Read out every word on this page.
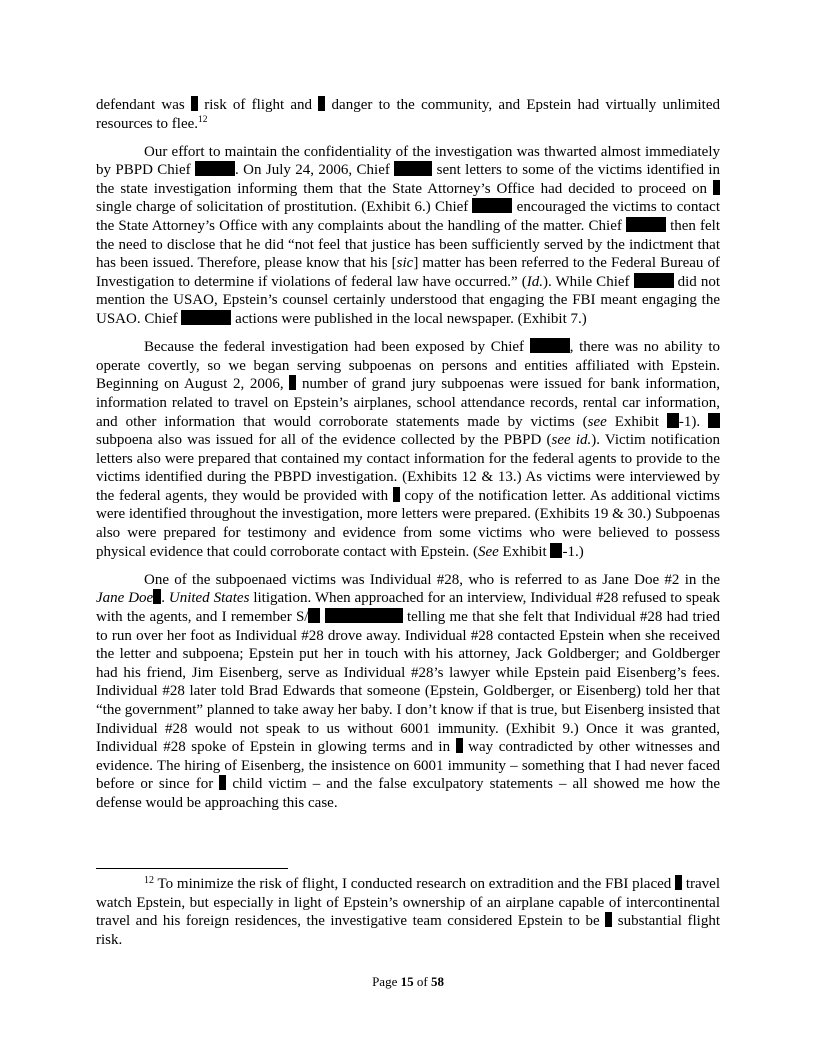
defendant was  risk of flight and  danger to the community, and Epstein had virtually unlimited resources to flee.$^{12}$

Our effort to maintain the confidentiality of the investigation was thwarted almost immediately by PBPD Chief	. On July 24, 2006, Chief	sent letters to some of the victims identified in the state investigation informing them that the State Attorney’s Office had decided to proceed on  single charge of solicitation of prostitution. (Exhibit 6.) Chief	encouraged the victims to contact the State Attorney’s Office with any complaints about the handling of the matter. Chief	then felt the need to disclose that he did “not feel that justice has been sufficiently served by the indictment that has been issued. Therefore, please know that his [sic] matter has been referred to the Federal Bureau of Investigation to determine if violations of federal law have occurred.” (Id.). While Chief	did not mention the USAO, Epstein’s counsel certainly understood that engaging the FBI meant engaging the USAO. Chief	actions were published in the local newspaper. (Exhibit 7.)

Because the federal investigation had been exposed by Chief	, there was no ability to operate covertly, so we began serving subpoenas on persons and entities affiliated with Epstein. Beginning on August 2, 2006,  number of grand jury subpoenas were issued for bank information, information related to travel on Epstein’s airplanes, school attendance records, rental car information, and other information that would corroborate statements made by victims (see Exhibit -1).  subpoena also was issued for all of the evidence collected by the PBPD (see id.). Victim notification letters also were prepared that contained my contact information for the federal agents to provide to the victims identified during the PBPD investigation. (Exhibits 12 & 13.) As victims were interviewed by the federal agents, they would be provided with  copy of the notification letter. As additional victims were identified throughout the investigation, more letters were prepared. (Exhibits 19 & 30.) Subpoenas also were prepared for testimony and evidence from some victims who were believed to possess physical evidence that could corroborate contact with Epstein. (See Exhibit -1.)

One of the subpoenaed victims was Individual #28, who is referred to as Jane Doe #2 in the Jane Doe . United States litigation. When approached for an interview, Individual #28 refused to speak with the agents, and I remember S/	telling me that she felt that Individual #28 had tried to run over her foot as Individual #28 drove away. Individual #28 contacted Epstein when she received the letter and subpoena; Epstein put her in touch with his attorney, Jack Goldberger; and Goldberger had his friend, Jim Eisenberg, serve as Individual #28’s lawyer while Epstein paid Eisenberg’s fees. Individual #28 later told Brad Edwards that someone (Epstein, Goldberger, or Eisenberg) told her that “the government” planned to take away her baby. I don’t know if that is true, but Eisenberg insisted that Individual #28 would not speak to us without 6001 immunity. (Exhibit 9.) Once it was granted, Individual #28 spoke of Epstein in glowing terms and in  way contradicted by other witnesses and evidence. The hiring of Eisenberg, the insistence on 6001 immunity – something that I had never faced before or since for  child victim – and the false exculpatory statements – all showed me how the defense would be approaching this case.

$^{12}$ To minimize the risk of flight, I conducted research on extradition and the FBI placed  travel watch Epstein, but especially in light of Epstein’s ownership of an airplane capable of intercontinental travel and his foreign residences, the investigative team considered Epstein to be  substantial flight risk.

Page 15 of 58
